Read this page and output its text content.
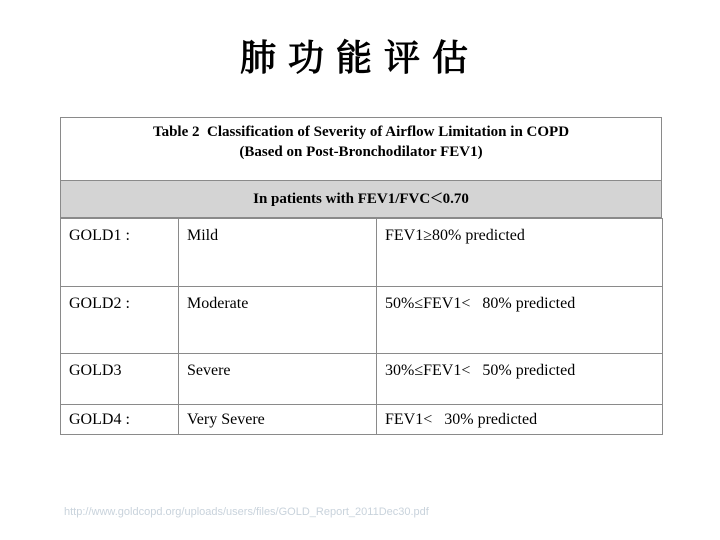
肺功能评估
Table 2  Classification of Severity of Airflow Limitation in COPD
(Based on Post-Bronchodilator FEV1)
In patients with FEV1/FVC<0.70
GOLD1 :	Mild	FEV1≥80% predicted
GOLD2 :	Moderate	50%≤FEV1<   80% predicted
GOLD3	Severe	30%≤FEV1<   50% predicted
GOLD4 :	Very Severe	FEV1<   30% predicted
http://www.goldcopd.org/uploads/users/files/GOLD_Report_2011Dec30.pdf
